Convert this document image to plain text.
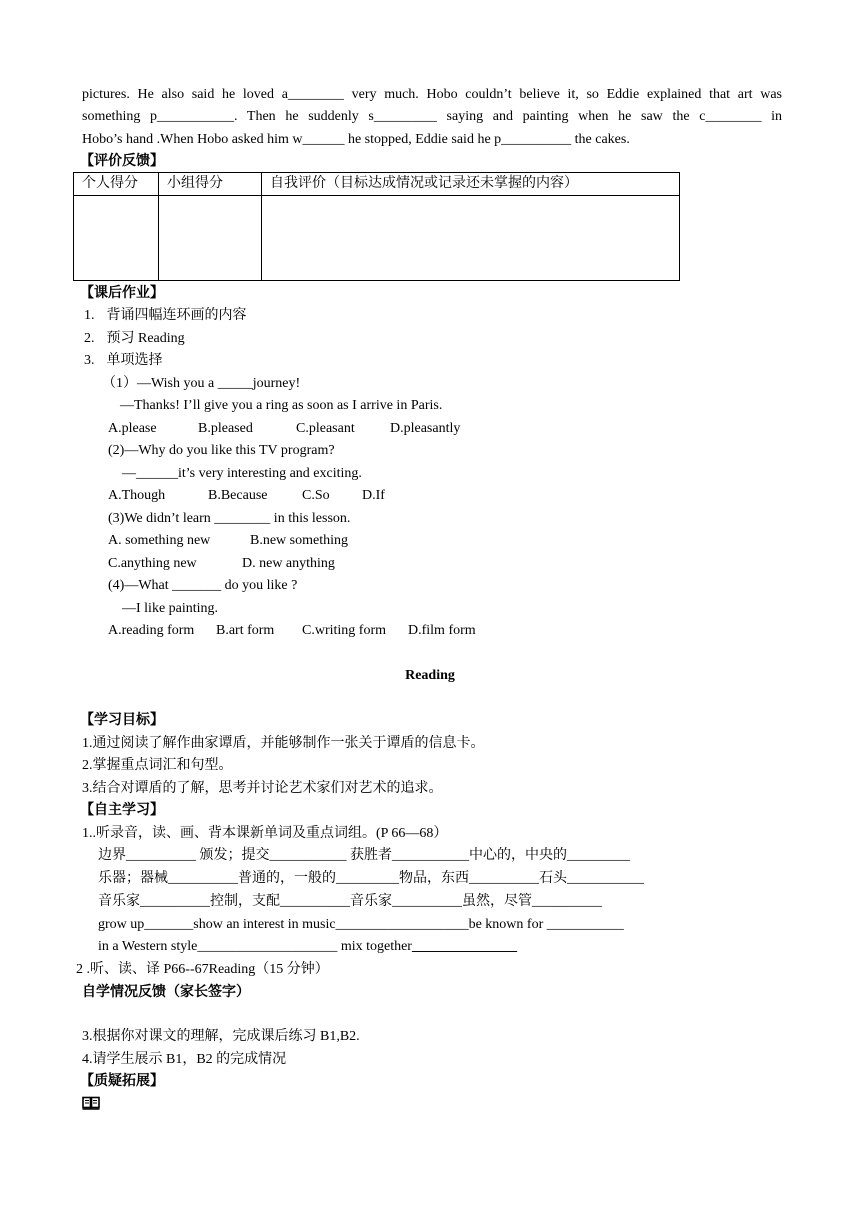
pictures. He also said he loved a________ very much. Hobo couldn’t believe it, so Eddie explained that art was
something p___________. Then he suddenly s_________ saying and painting when he saw the c________ in
Hobo’s hand .When Hobo asked him w______ he stopped, Eddie said he p__________ the cakes.
【评价反馈】
个人得分	小组得分	自我评价（目标达成情况或记录还未掌握的内容）

【课后作业】
1. 背诵四幅连环画的内容
2. 预习 Reading
3. 单项选择
（1）—Wish you a _____journey!
—Thanks! I’ll give you a ring as soon as I arrive in Paris.
A.please	B.pleased	C.pleasant	D.pleasantly
(2)—Why do you like this TV program?
—______it’s very interesting and exciting.
A.Though	B.Because C.So D.If
(3)We didn’t learn ________ in this lesson.
A. something new	B.new something
C.anything new	D. new anything
(4)—What _______ do you like ?
—I like painting.
A.reading form B.art form C.writing form D.film form
Reading
【学习目标】
1.通过阅读了解作曲家谭盾，并能够制作一张关于谭盾的信息卡。
2.掌握重点词汇和句型。
3.结合对谭盾的了解，思考并讨论艺术家们对艺术的追求。
【自主学习】
1..听录音，读、画、背本课新单词及重点词组。(P 66—68）
边界__________ 颁发；提交___________ 获胜者___________中心的，中央的_________
乐器；器械__________普通的，一般的_________物品，东西__________石头___________
音乐家__________控制，支配__________音乐家__________虽然，尽管__________
grow up_______show an interest in music___________________be known for ___________
in a Western style____________________ mix together_______________
2 .听、读、译 P66--67Reading（15 分钟）
自学情况反馈（家长签字）
3.根据你对课文的理解，完成课后练习 B1,B2.
4.请学生展示 B1，B2 的完成情况
【质疑拓展】
